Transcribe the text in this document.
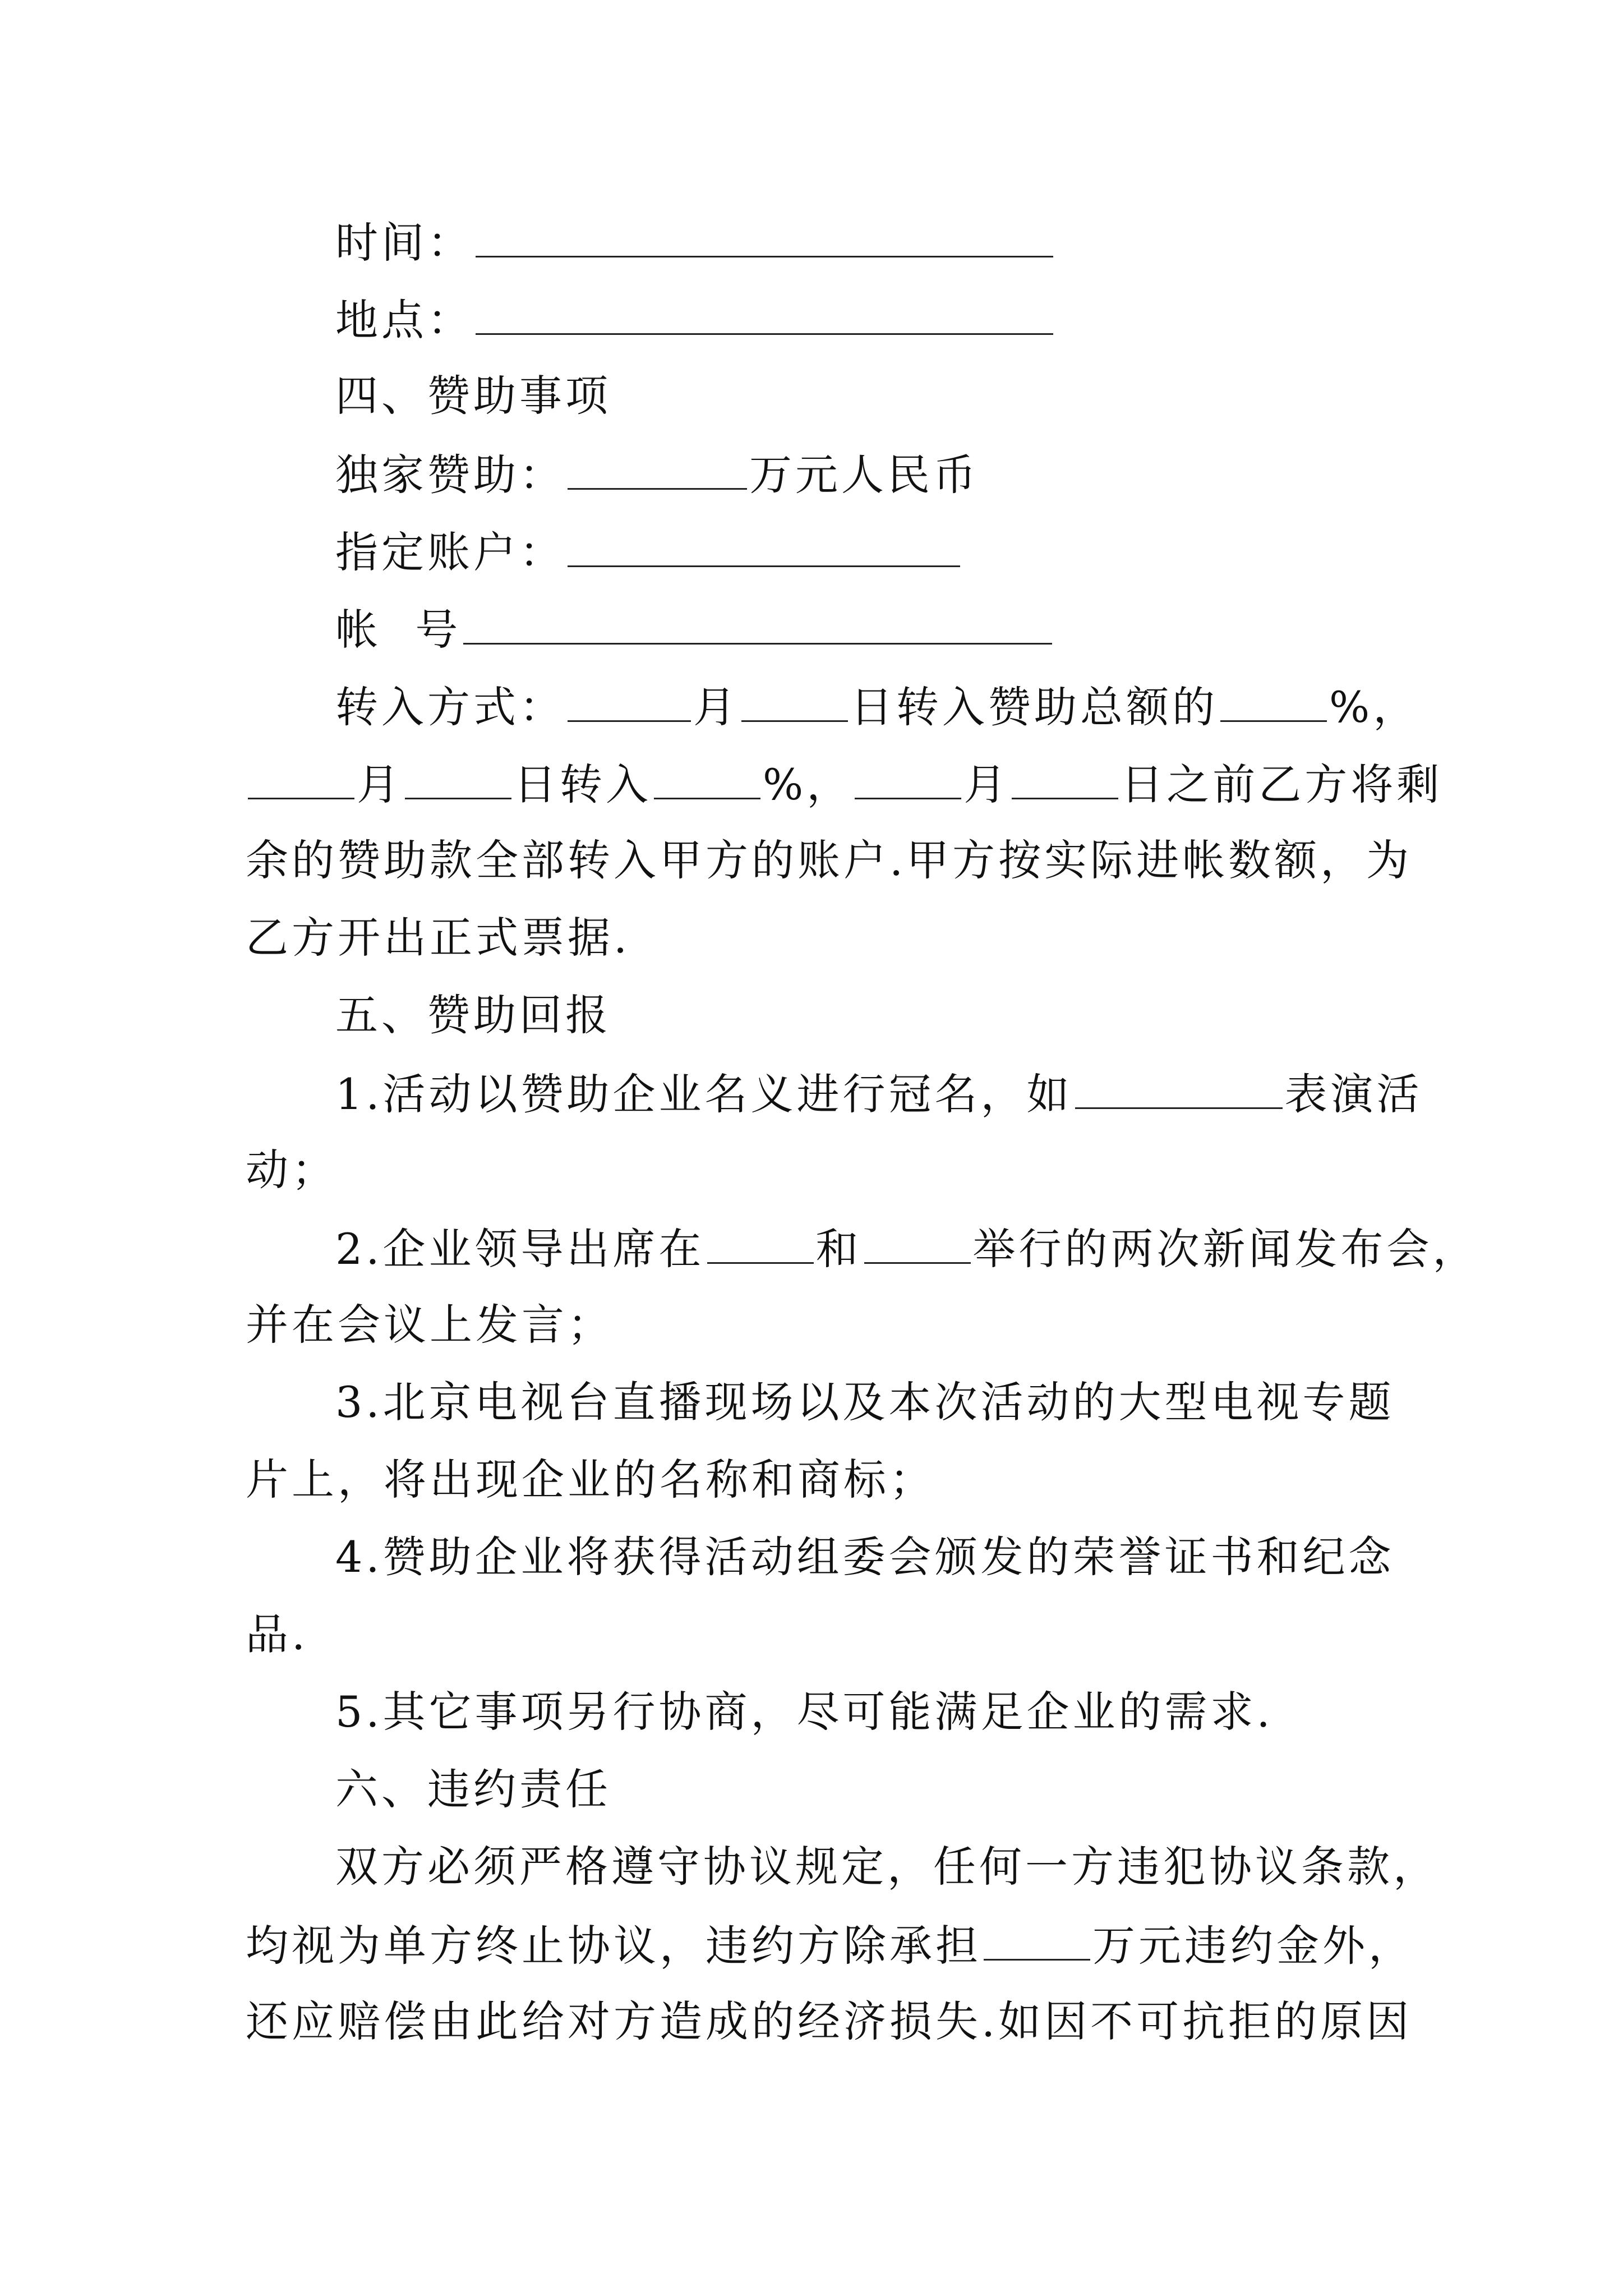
时间：

地点：

四、赞助事项

独家赞助：	万元人民币

指定账户：

帐  号

转入方式：	月	日转入赞助总额的	%，

月	日转入	%，	月	日之前乙方将剩

余的赞助款全部转入甲方的账户.甲方按实际进帐数额，为

乙方开出正式票据.

五、赞助回报

1.活动以赞助企业名义进行冠名，如	表演活

动；

2.企业领导出席在	和	举行的两次新闻发布会，

并在会议上发言；

3.北京电视台直播现场以及本次活动的大型电视专题

片上，将出现企业的名称和商标；

4.赞助企业将获得活动组委会颁发的荣誉证书和纪念

品.

5.其它事项另行协商，尽可能满足企业的需求.

六、违约责任

双方必须严格遵守协议规定，任何一方违犯协议条款，

均视为单方终止协议，违约方除承担	万元违约金外，

还应赔偿由此给对方造成的经济损失.如因不可抗拒的原因
